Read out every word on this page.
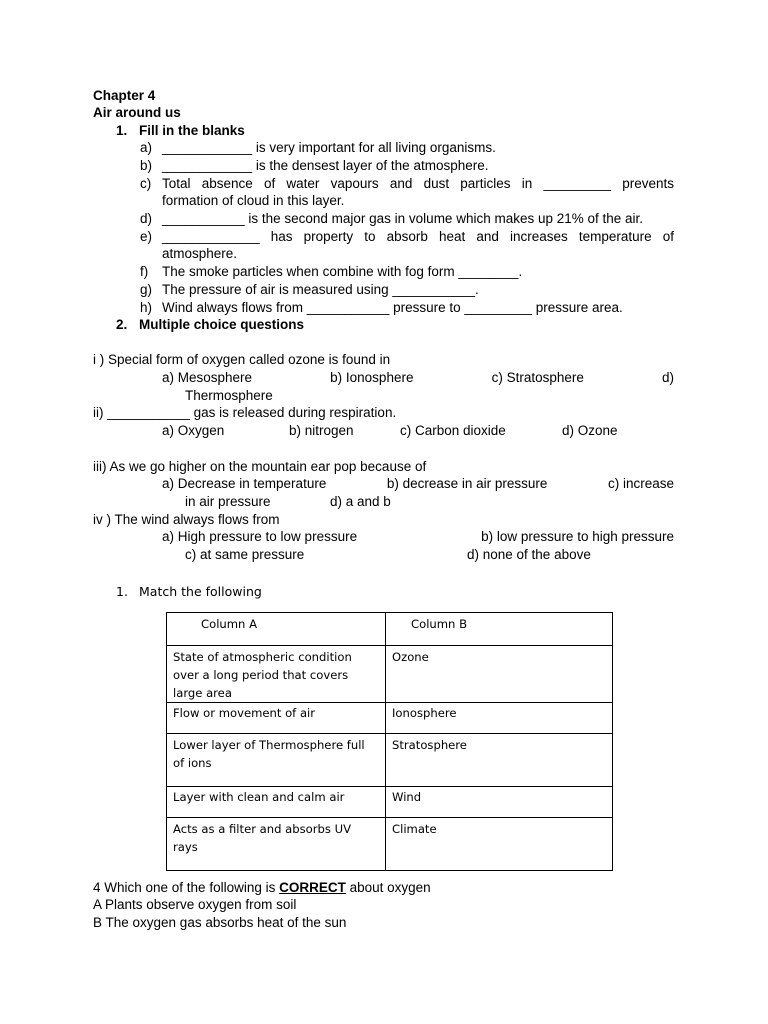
Chapter 4
Air around us
1. Fill in the blanks
a) ____________ is very important for all living organisms.
b) ____________ is the densest layer of the atmosphere.
c) Total absence of water vapours and dust particles in _________ prevents
formation of cloud in this layer.
d) ___________ is the second major gas in volume which makes up 21% of the air.
e) _____________ has property to absorb heat and increases temperature of
atmosphere.
f) The smoke particles when combine with fog form ________.
g) The pressure of air is measured using ___________.
h) Wind always flows from ___________ pressure to _________ pressure area.
2. Multiple choice questions
i ) Special form of oxygen called ozone is found in
a) Mesosphere	b) Ionosphere	c) Stratosphere	d)
Thermosphere
ii) ___________ gas is released during respiration.
a) Oxygen	b) nitrogen	c) Carbon dioxide	d) Ozone
iii) As we go higher on the mountain ear pop because of
a) Decrease in temperature	b) decrease in air pressure	c) increase
in air pressure	d) a and b
iv ) The wind always flows from
a) High pressure to low pressure	b) low pressure to high pressure
c) at same pressure	d) none of the above
1. Match the following
Column A	Column B
State of atmospheric condition over a long period that covers large area	Ozone
Flow or movement of air	Ionosphere
Lower layer of Thermosphere full of ions	Stratosphere
Layer with clean and calm air	Wind
Acts as a filter and absorbs UV rays	Climate
4 Which one of the following is CORRECT about oxygen
A Plants observe oxygen from soil
B The oxygen gas absorbs heat of the sun
